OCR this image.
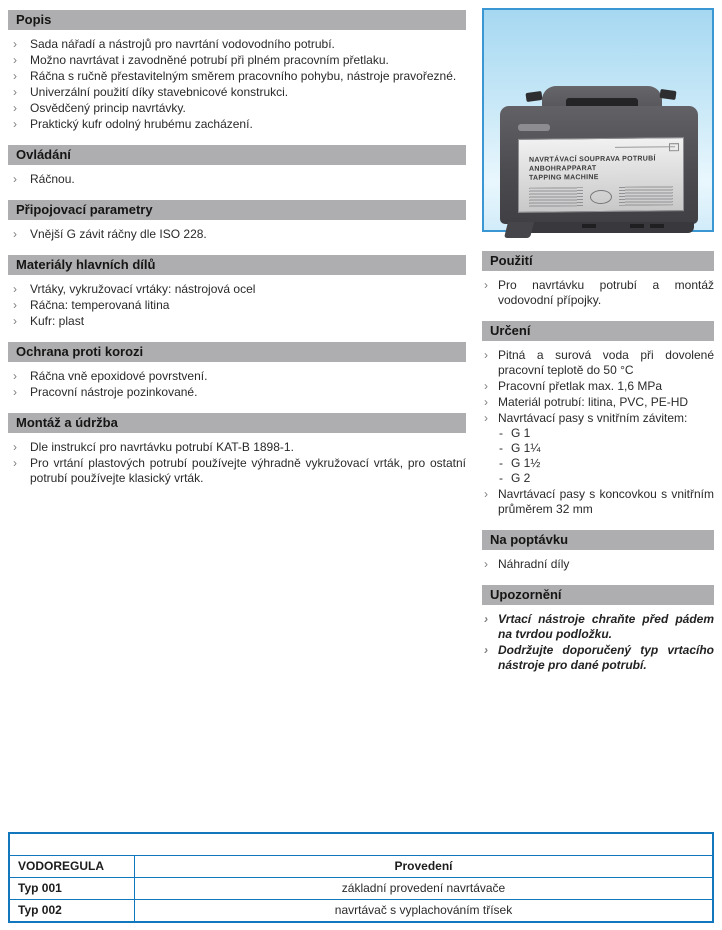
Popis
› Sada nářadí a nástrojů pro navrtání vodovodního potrubí.
› Možno navrtávat i zavodněné potrubí při plném pracovním přetlaku.
› Ráčna s ručně přestavitelným směrem pracovního pohybu, nástroje pravořezné.
› Univerzální použití díky stavebnicové konstrukci.
› Osvědčený princip navrtávky.
› Praktický kufr odolný hrubému zacházení.
Ovládání
› Ráčnou.
Připojovací parametry
› Vnější G závit ráčny dle ISO 228.
Materiály hlavních dílů
› Vrtáky, vykružovací vrtáky: nástrojová ocel
› Ráčna: temperovaná litina
› Kufr: plast
Ochrana proti korozi
› Ráčna vně epoxidové povrstvení.
› Pracovní nástroje pozinkované.
Montáž a údržba
› Dle instrukcí pro navrtávku potrubí KAT-B 1898-1.
› Pro vrtání plastových potrubí používejte výhradně vykružovací vrták, pro ostatní potrubí používejte klasický vrták.
NAVRTÁVACÍ SOUPRAVA POTRUBÍ
ANBOHRAPPARAT
TAPPING MACHINE
Použití
› Pro navrtávku potrubí a montáž vodovodní přípojky.
Určení
› Pitná a surová voda při dovolené pracovní teplotě do 50 °C
› Pracovní přetlak max. 1,6 MPa
› Materiál potrubí: litina, PVC, PE-HD
› Navrtávací pasy s vnitřním závitem:
- G 1
- G 1¼
- G 1½
- G 2
› Navrtávací pasy s koncovkou s vnitřním průměrem 32 mm
Na poptávku
› Náhradní díly
Upozornění
› Vrtací nástroje chraňte před pádem na tvrdou podložku.
› Dodržujte doporučený typ vrtacího nástroje pro dané potrubí.
STANDARDNÍ NABÍDKA	
VODOREGULA	Provedení
Typ 001	základní provedení navrtávače
Typ 002	navrtávač s vyplachováním třísek
